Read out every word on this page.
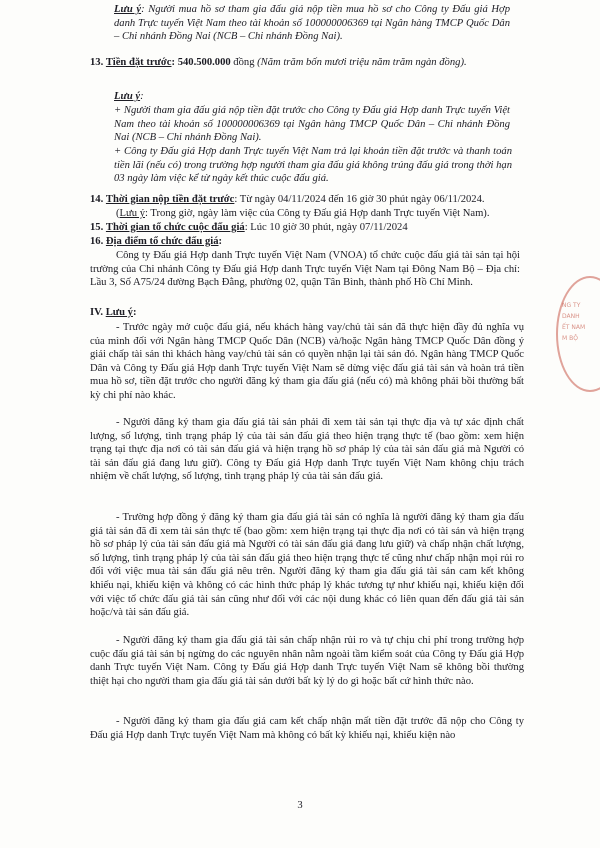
Lưu ý: Người mua hồ sơ tham gia đấu giá nộp tiền mua hồ sơ cho Công ty Đấu giá Hợp danh Trực tuyến Việt Nam theo tài khoản số 100000006369 tại Ngân hàng TMCP Quốc Dân – Chi nhánh Đồng Nai (NCB – Chi nhánh Đồng Nai).

13. Tiền đặt trước: 540.500.000 đồng (Năm trăm bốn mươi triệu năm trăm ngàn đồng).

Lưu ý:

+ Người tham gia đấu giá nộp tiền đặt trước cho Công ty Đấu giá Hợp danh Trực tuyến Việt Nam theo tài khoản số 100000006369 tại Ngân hàng TMCP Quốc Dân – Chi nhánh Đồng Nai (NCB – Chi nhánh Đồng Nai).

+ Công ty Đấu giá Hợp danh Trực tuyến Việt Nam trả lại khoản tiền đặt trước và thanh toán tiền lãi (nếu có) trong trường hợp người tham gia đấu giá không trúng đấu giá trong thời hạn 03 ngày làm việc kể từ ngày kết thúc cuộc đấu giá.

14. Thời gian nộp tiền đặt trước: Từ ngày 04/11/2024 đến 16 giờ 30 phút ngày 06/11/2024.

(Lưu ý: Trong giờ, ngày làm việc của Công ty Đấu giá Hợp danh Trực tuyến Việt Nam).

15. Thời gian tổ chức cuộc đấu giá: Lúc 10 giờ 30 phút, ngày 07/11/2024

16. Địa điểm tổ chức đấu giá:

Công ty Đấu giá Hợp danh Trực tuyến Việt Nam (VNOA) tổ chức cuộc đấu giá tài sản tại hội trường của Chi nhánh Công ty Đấu giá Hợp danh Trực tuyến Việt Nam tại Đông Nam Bộ – Địa chỉ: Lầu 3, Số A75/24 đường Bạch Đằng, phường 02, quận Tân Bình, thành phố Hồ Chí Minh.

IV. Lưu ý:

- Trước ngày mở cuộc đấu giá, nếu khách hàng vay/chủ tài sản đã thực hiện đầy đủ nghĩa vụ của mình đối với Ngân hàng TMCP Quốc Dân (NCB) và/hoặc Ngân hàng TMCP Quốc Dân đồng ý giải chấp tài sản thì khách hàng vay/chủ tài sản có quyền nhận lại tài sản đó. Ngân hàng TMCP Quốc Dân và Công ty Đấu giá Hợp danh Trực tuyến Việt Nam sẽ dừng việc đấu giá tài sản và hoàn trả tiền mua hồ sơ, tiền đặt trước cho người đăng ký tham gia đấu giá (nếu có) mà không phải bồi thường bất kỳ chi phí nào khác.

- Người đăng ký tham gia đấu giá tài sản phải đi xem tài sản tại thực địa và tự xác định chất lượng, số lượng, tình trạng pháp lý của tài sản đấu giá theo hiện trạng thực tế (bao gồm: xem hiện trạng tại thực địa nơi có tài sản đấu giá và hiện trạng hồ sơ pháp lý của tài sản đấu giá mà Người có tài sản đấu giá đang lưu giữ). Công ty Đấu giá Hợp danh Trực tuyến Việt Nam không chịu trách nhiệm về chất lượng, số lượng, tình trạng pháp lý của tài sản đấu giá.

- Trường hợp đồng ý đăng ký tham gia đấu giá tài sản có nghĩa là người đăng ký tham gia đấu giá tài sản đã đi xem tài sản thực tế (bao gồm: xem hiện trạng tại thực địa nơi có tài sản và hiện trạng hồ sơ pháp lý của tài sản đấu giá mà Người có tài sản đấu giá đang lưu giữ) và chấp nhận chất lượng, số lượng, tình trạng pháp lý của tài sản đấu giá theo hiện trạng thực tế cũng như chấp nhận mọi rủi ro đối với việc mua tài sản đấu giá nêu trên. Người đăng ký tham gia đấu giá tài sản cam kết không khiếu nại, khiếu kiện và không có các hình thức pháp lý khác tương tự như khiếu nại, khiếu kiện đối với việc tổ chức đấu giá tài sản cũng như đối với các nội dung khác có liên quan đến đấu giá tài sản hoặc/và tài sản đấu giá.

- Người đăng ký tham gia đấu giá tài sản chấp nhận rủi ro và tự chịu chi phí trong trường hợp cuộc đấu giá tài sản bị ngừng do các nguyên nhân nằm ngoài tầm kiểm soát của Công ty Đấu giá Hợp danh Trực tuyến Việt Nam. Công ty Đấu giá Hợp danh Trực tuyến Việt Nam sẽ không bồi thường thiệt hại cho người tham gia đấu giá tài sản dưới bất kỳ lý do gì hoặc bất cứ hình thức nào.

- Người đăng ký tham gia đấu giá cam kết chấp nhận mất tiền đặt trước đã nộp cho Công ty Đấu giá Hợp danh Trực tuyến Việt Nam mà không có bất kỳ khiếu nại, khiếu kiện nào

3
NG TY
DANH
ẾT NAM
M BỘ
